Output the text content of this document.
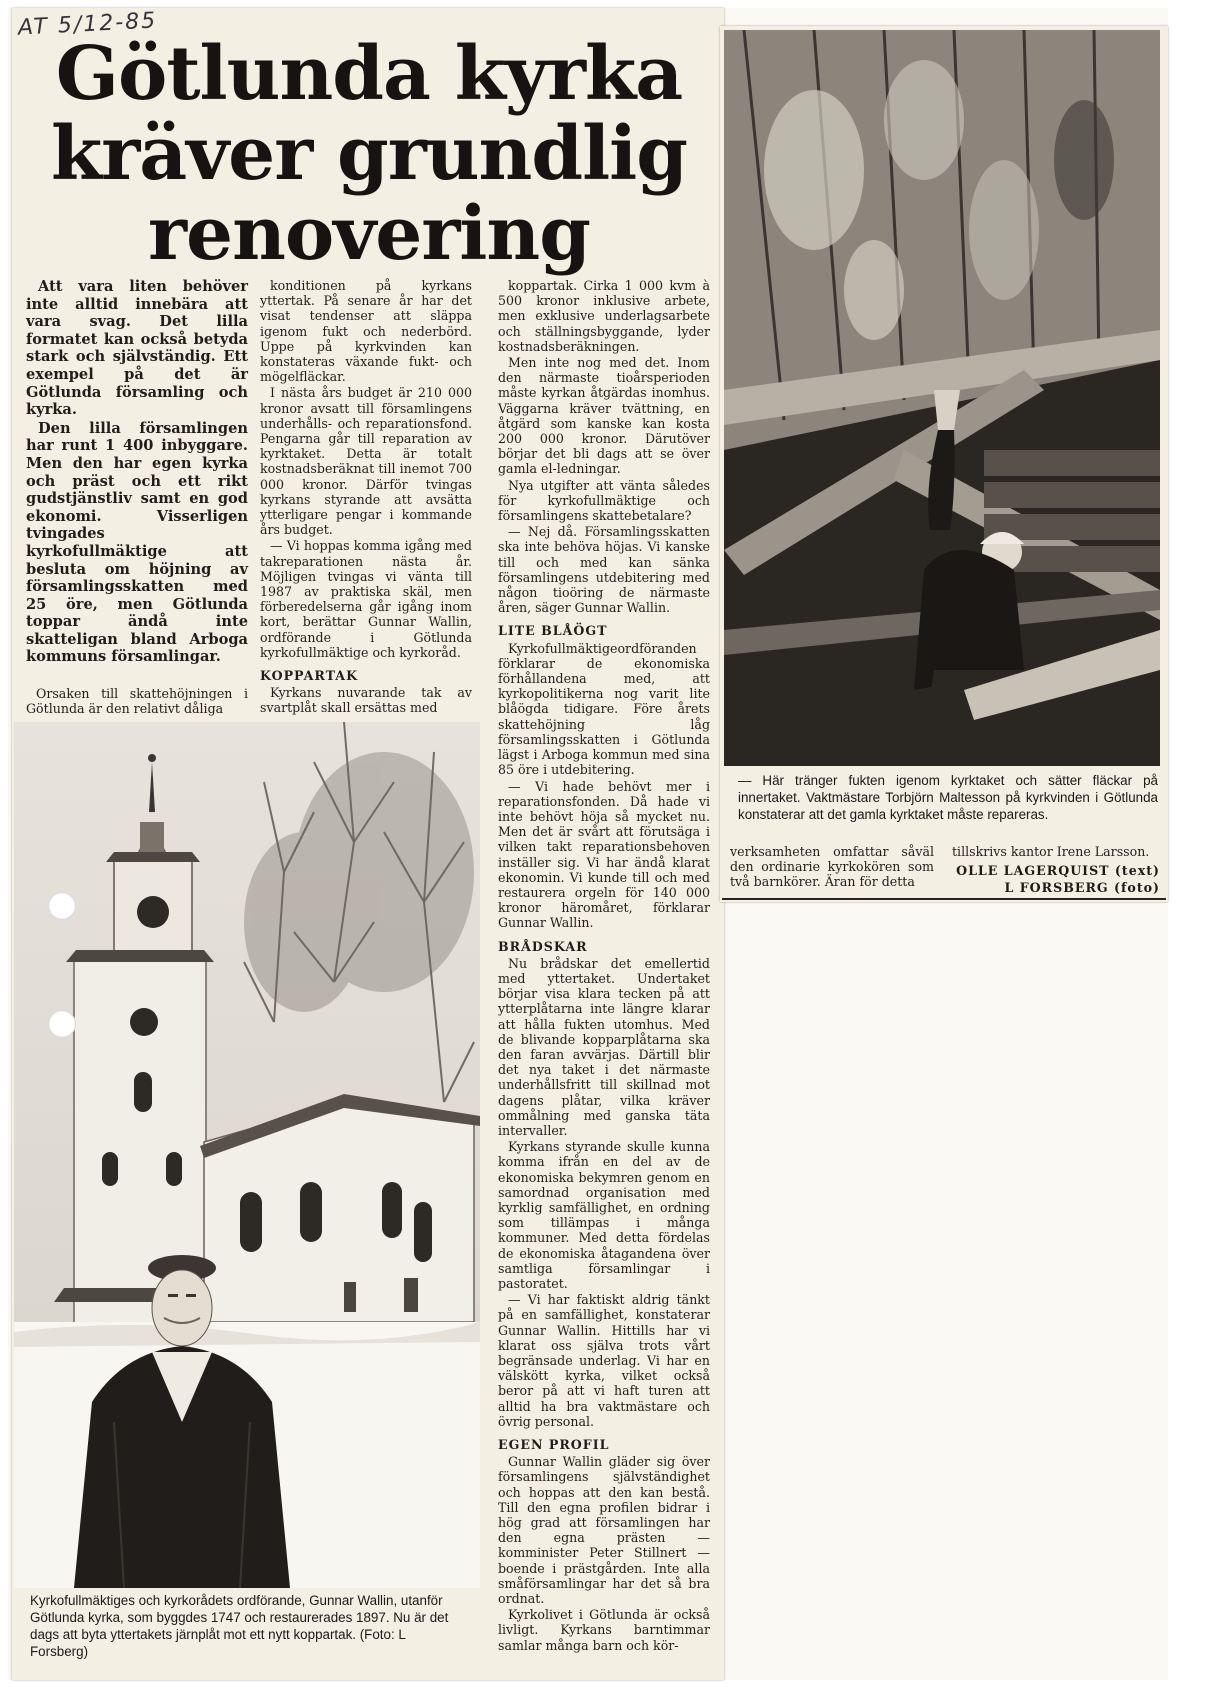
AT 5/12-85
Götlunda kyrka
kräver grundlig
renovering

Att vara liten behöver inte alltid innebära att vara svag. Det lilla formatet kan också betyda stark och självständig. Ett exempel på det är Götlunda församling och kyrka.

Den lilla församlingen har runt 1 400 inbyggare. Men den har egen kyrka och präst och ett rikt gudstjänstliv samt en god ekonomi. Visserligen tvingades kyrkofullmäktige att besluta om höjning av församlingsskatten med 25 öre, men Götlunda toppar ändå inte skatteligan bland Arboga kommuns församlingar.

Orsaken till skattehöjningen i Götlunda är den relativt dåliga

konditionen på kyrkans yttertak. På senare år har det visat tendenser att släppa igenom fukt och nederbörd. Uppe på kyrkvinden kan konstateras växande fukt- och mögelfläckar.

I nästa års budget är 210 000 kronor avsatt till församlingens underhålls- och reparationsfond. Pengarna går till reparation av kyrktaket. Detta är totalt kostnadsberäknat till inemot 700 000 kronor. Därför tvingas kyrkans styrande att avsätta ytterligare pengar i kommande års budget.

— Vi hoppas komma igång med takreparationen nästa år. Möjligen tvingas vi vänta till 1987 av praktiska skäl, men förberedelserna går igång inom kort, berättar Gunnar Wallin, ordförande i Götlunda kyrkofullmäktige och kyrkoråd.

KOPPARTAK

Kyrkans nuvarande tak av svartplåt skall ersättas med

koppartak. Cirka 1 000 kvm à 500 kronor inklusive arbete, men exklusive underlagsarbete och ställningsbyggande, lyder kostnadsberäkningen.

Men inte nog med det. Inom den närmaste tioårsperioden måste kyrkan åtgärdas inomhus. Väggarna kräver tvättning, en åtgärd som kanske kan kosta 200 000 kronor. Därutöver börjar det bli dags att se över gamla el-ledningar.

Nya utgifter att vänta således för kyrkofullmäktige och församlingens skattebetalare?

— Nej då. Församlingsskatten ska inte behöva höjas. Vi kanske till och med kan sänka församlingens utdebitering med någon tioöring de närmaste åren, säger Gunnar Wallin.

LITE BLÅÖGT

Kyrkofullmäktigeordföranden förklarar de ekonomiska förhållandena med, att kyrkopolitikerna nog varit lite blåögda tidigare. Före årets skattehöjning låg församlingsskatten i Götlunda lägst i Arboga kommun med sina 85 öre i utdebitering.

— Vi hade behövt mer i reparationsfonden. Då hade vi inte behövt höja så mycket nu. Men det är svårt att förutsäga i vilken takt reparationsbehoven inställer sig. Vi har ändå klarat ekonomin. Vi kunde till och med restaurera orgeln för 140 000 kronor häromåret, förklarar Gunnar Wallin.

BRÅDSKAR

Nu brådskar det emellertid med yttertaket. Undertaket börjar visa klara tecken på att ytterplåtarna inte längre klarar att hålla fukten utomhus. Med de blivande kopparplåtarna ska den faran avvärjas. Därtill blir det nya taket i det närmaste underhållsfritt till skillnad mot dagens plåtar, vilka kräver ommålning med ganska täta intervaller.

Kyrkans styrande skulle kunna komma ifrån en del av de ekonomiska bekymren genom en samordnad organisation med kyrklig samfällighet, en ordning som tillämpas i många kommuner. Med detta fördelas de ekonomiska åtagandena över samtliga församlingar i pastoratet.

— Vi har faktiskt aldrig tänkt på en samfällighet, konstaterar Gunnar Wallin. Hittills har vi klarat oss själva trots vårt begränsade underlag. Vi har en välskött kyrka, vilket också beror på att vi haft turen att alltid ha bra vaktmästare och övrig personal.

EGEN PROFIL

Gunnar Wallin gläder sig över församlingens självständighet och hoppas att den kan bestå. Till den egna profilen bidrar i hög grad att församlingen har den egna prästen — komminister Peter Stillnert — boende i prästgården. Inte alla småförsamlingar har det så bra ordnat.

Kyrkolivet i Götlunda är också livligt. Kyrkans barntimmar samlar många barn och kör-

Kyrkofullmäktiges och kyrkorådets ordförande, Gunnar Wallin, utanför Götlunda kyrka, som byggdes 1747 och restaurerades 1897. Nu är det dags att byta yttertakets järnplåt mot ett nytt koppartak. (Foto: L Forsberg)
— Här tränger fukten igenom kyrktaket och sätter fläckar på innertaket. Vaktmästare Torbjörn Maltesson på kyrkvinden i Götlunda konstaterar att det gamla kyrktaket måste repareras.

verksamheten omfattar såväl den ordinarie kyrkokören som två barnkörer. Äran för detta

tillskrivs kantor Irene Larsson.

OLLE LAGERQUIST (text)
L FORSBERG (foto)
